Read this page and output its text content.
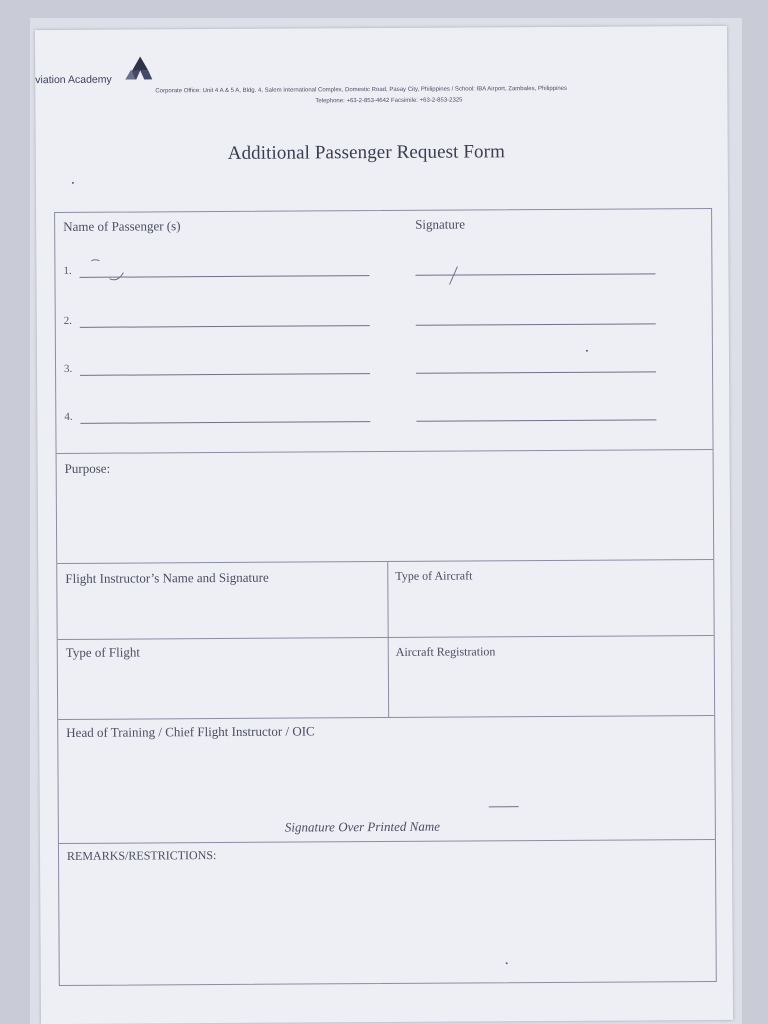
viation Academy
Corporate Office: Unit 4 A & 5 A, Bldg. 4, Salem International Complex, Domestic Road, Pasay City, Philippines / School: IBA Airport, Zambales, Philippines
Telephone: +63-2-853-4642 Facsimile: +63-2-853-2325
Additional Passenger Request Form
Name of Passenger (s)	Signature
1.
2.
3.
4.
Purpose:
Flight Instructor’s Name and Signature	Type of Aircraft
Type of Flight	Aircraft Registration
Head of Training / Chief Flight Instructor / OIC
Signature Over Printed Name
REMARKS/RESTRICTIONS:
